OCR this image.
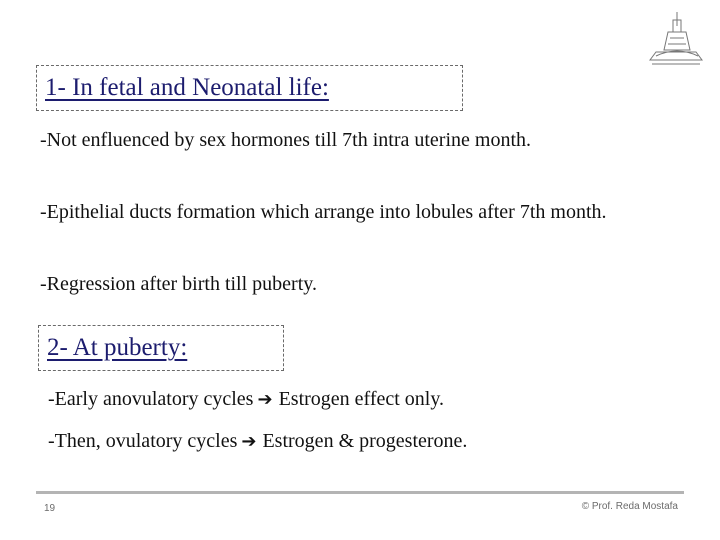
1- In fetal and Neonatal life:

-Not enfluenced by sex hormones till 7th intra uterine month.

-Epithelial ducts formation which arrange into lobules after 7th month.

-Regression after birth till puberty.

2- At puberty:

-Early anovulatory cycles ➔ Estrogen effect only.

-Then, ovulatory cycles ➔ Estrogen & progesterone.

19	© Prof. Reda Mostafa
